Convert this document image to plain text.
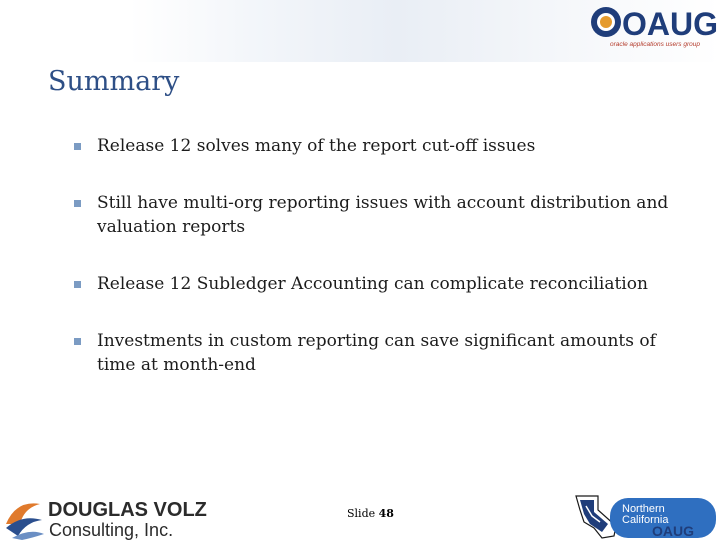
OAUG
oracle applications users group
Summary
Release 12 solves many of the report cut-off issues
Still have multi-org reporting issues with account distribution and valuation reports
Release 12 Subledger Accounting can complicate reconciliation
Investments in custom reporting can save significant amounts of time at month-end
DOUGLAS VOLZ
Consulting, Inc.
Slide 48	Northern
California
OAUG
